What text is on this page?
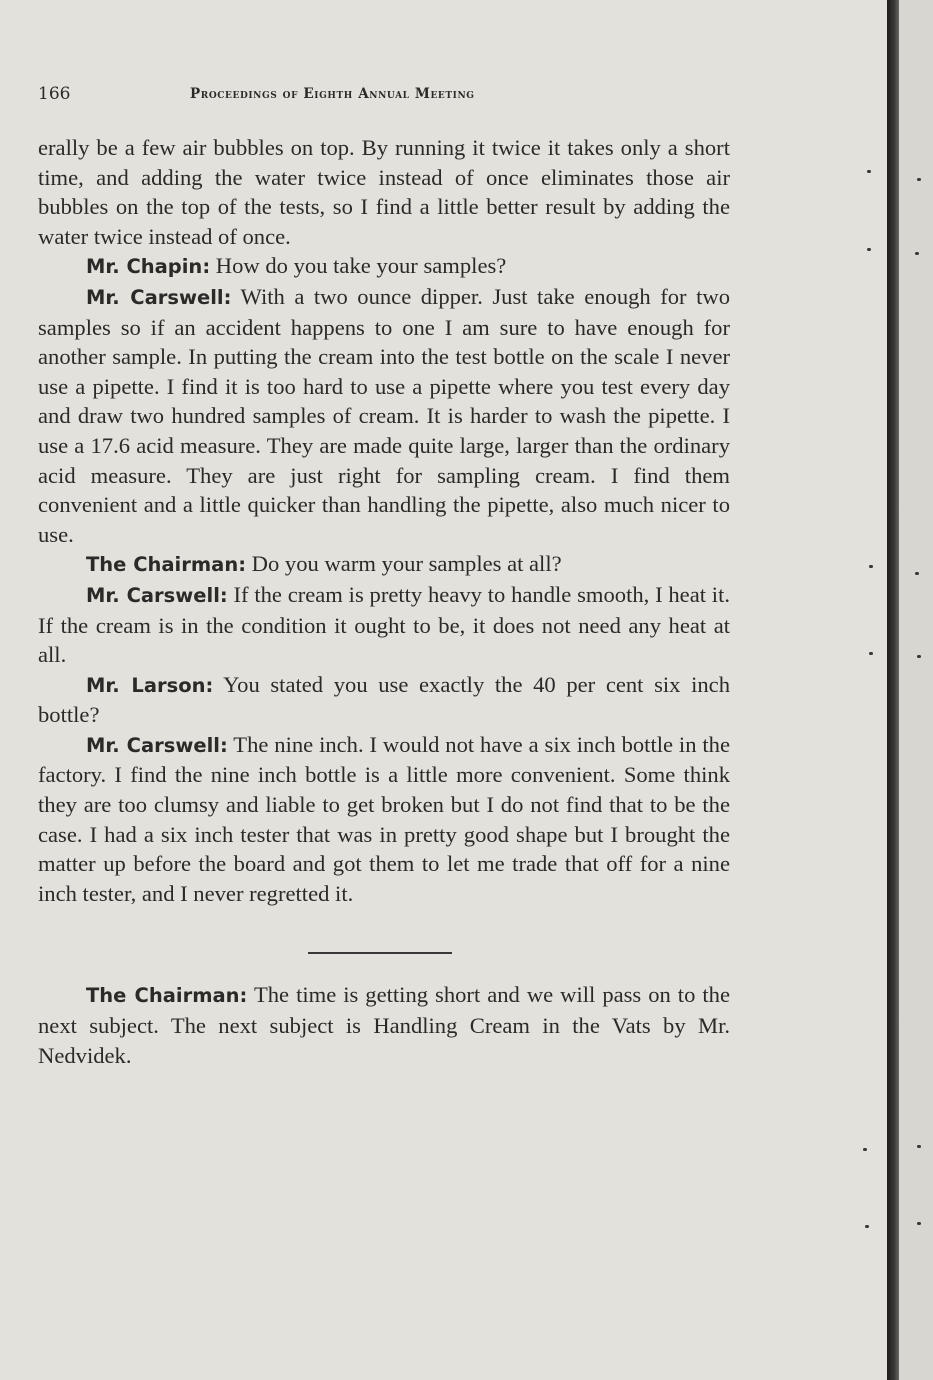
166	Proceedings of Eighth Annual Meeting

erally be a few air bubbles on top. By running it twice it takes only a short time, and adding the water twice instead of once eliminates those air bubbles on the top of the tests, so I find a little better result by adding the water twice instead of once.

Mr. Chapin: How do you take your samples?

Mr. Carswell: With a two ounce dipper. Just take enough for two samples so if an accident happens to one I am sure to have enough for another sample. In putting the cream into the test bottle on the scale I never use a pipette. I find it is too hard to use a pipette where you test every day and draw two hundred samples of cream. It is harder to wash the pipette. I use a 17.6 acid measure. They are made quite large, larger than the ordinary acid measure. They are just right for sampling cream. I find them convenient and a little quicker than handling the pipette, also much nicer to use.

The Chairman: Do you warm your samples at all?

Mr. Carswell: If the cream is pretty heavy to handle smooth, I heat it. If the cream is in the condition it ought to be, it does not need any heat at all.

Mr. Larson: You stated you use exactly the 40 per cent six inch bottle?

Mr. Carswell: The nine inch. I would not have a six inch bottle in the factory. I find the nine inch bottle is a little more convenient. Some think they are too clumsy and liable to get broken but I do not find that to be the case. I had a six inch tester that was in pretty good shape but I brought the matter up before the board and got them to let me trade that off for a nine inch tester, and I never regretted it.

The Chairman: The time is getting short and we will pass on to the next subject. The next subject is Handling Cream in the Vats by Mr. Nedvidek.
